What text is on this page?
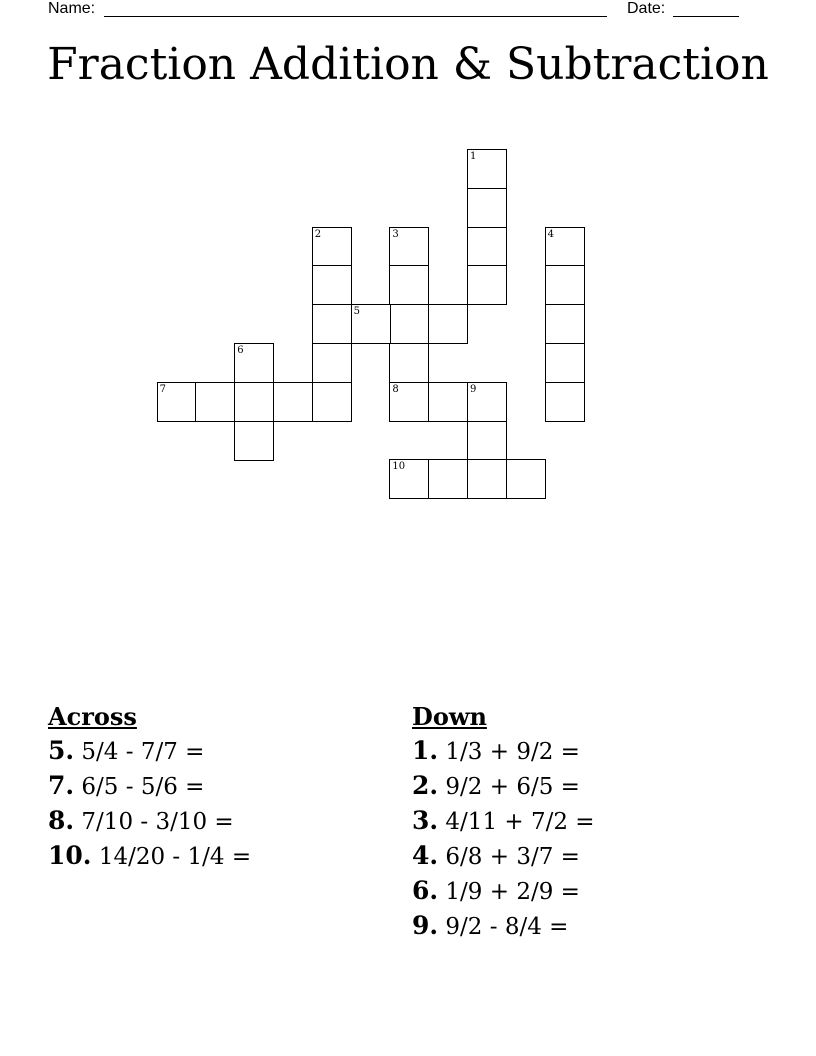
Name:	Date:
Fraction Addition & Subtraction
1
2	3
8
4
5
6
7	9
10
Across
5. 5/4 - 7/7 =
7. 6/5 - 5/6 =
8. 7/10 - 3/10 =
10. 14/20 - 1/4 =
Down
1. 1/3 + 9/2 =
2. 9/2 + 6/5 =
3. 4/11 + 7/2 =
4. 6/8 + 3/7 =
6. 1/9 + 2/9 =
9. 9/2 - 8/4 =
